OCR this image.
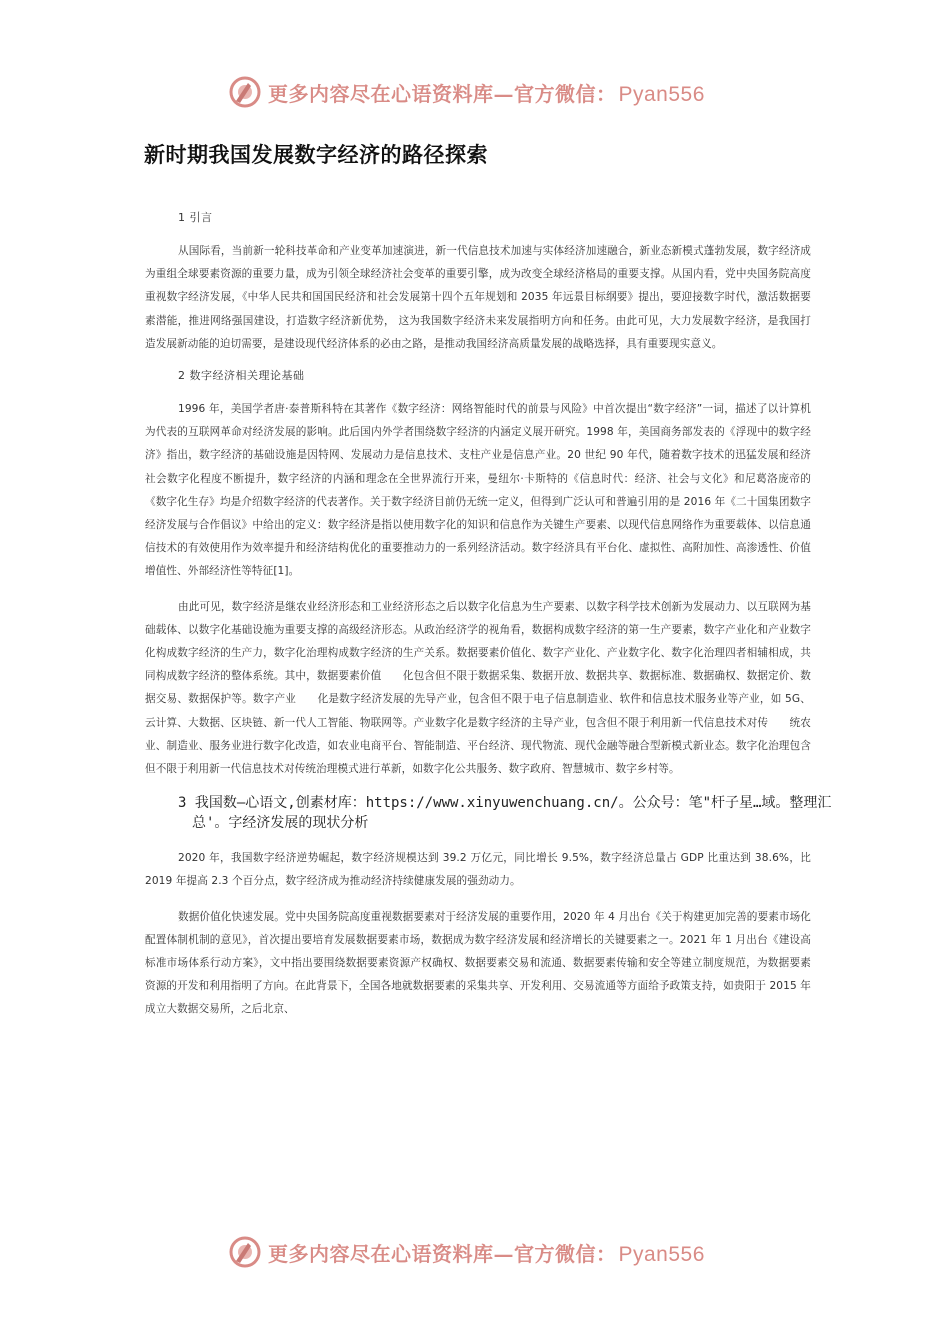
更多内容尽在心语资料库—官方微信：Pyan556
新时期我国发展数字经济的路径探索

1 引言

从国际看，当前新一轮科技革命和产业变革加速演进，新一代信息技术加速与实体经济加速融合，新业态新模式蓬勃发展，数字经济成为重组全球要素资源的重要力量，成为引领全球经济社会变革的重要引擎，成为改变全球经济格局的重要支撑。从国内看，党中央国务院高度重视数字经济发展，《中华人民共和国国民经济和社会发展第十四个五年规划和 2035 年远景目标纲要》提出，要迎接数字时代，激活数据要素潜能，推进网络强国建设，打造数字经济新优势， 这为我国数字经济未来发展指明方向和任务。由此可见，大力发展数字经济，是我国打造发展新动能的迫切需要，是建设现代经济体系的必由之路，是推动我国经济高质量发展的战略选择，具有重要现实意义。

2 数字经济相关理论基础

1996 年，美国学者唐·泰普斯科特在其著作《数字经济：网络智能时代的前景与风险》中首次提出“数字经济”一词，描述了以计算机为代表的互联网革命对经济发展的影响。此后国内外学者围绕数字经济的内涵定义展开研究。1998 年，美国商务部发表的《浮现中的数字经济》指出，数字经济的基础设施是因特网、发展动力是信息技术、支柱产业是信息产业。20 世纪 90 年代，随着数字技术的迅猛发展和经济社会数字化程度不断提升，数字经济的内涵和理念在全世界流行开来，曼纽尔·卡斯特的《信息时代：经济、社会与文化》和尼葛洛庞帝的《数字化生存》均是介绍数字经济的代表著作。关于数字经济目前仍无统一定义，但得到广泛认可和普遍引用的是 2016 年《二十国集团数字经济发展与合作倡议》中给出的定义：数字经济是指以使用数字化的知识和信息作为关键生产要素、以现代信息网络作为重要载体、以信息通信技术的有效使用作为效率提升和经济结构优化的重要推动力的一系列经济活动。数字经济具有平台化、虚拟性、高附加性、高渗透性、价值增值性、外部经济性等特征[1]。

由此可见，数字经济是继农业经济形态和工业经济形态之后以数字化信息为生产要素、以数字科学技术创新为发展动力、以互联网为基础载体、以数字化基础设施为重要支撑的高级经济形态。从政治经济学的视角看，数据构成数字经济的第一生产要素，数字产业化和产业数字化构成数字经济的生产力，数字化治理构成数字经济的生产关系。数据要素价值化、数字产业化、产业数字化、数字化治理四者相辅相成，共同构成数字经济的整体系统。其中，数据要素价值　　化包含但不限于数据采集、数据开放、数据共享、数据标准、数据确权、数据定价、数据交易、数据保护等。数字产业　　化是数字经济发展的先导产业，包含但不限于电子信息制造业、软件和信息技术服务业等产业，如 5G、云计算、大数据、区块链、新一代人工智能、物联网等。产业数字化是数字经济的主导产业，包含但不限于利用新一代信息技术对传　　统农业、制造业、服务业进行数字化改造，如农业电商平台、智能制造、平台经济、现代物流、现代金融等融合型新模式新业态。数字化治理包含但不限于利用新一代信息技术对传统治理模式进行革新，如数字化公共服务、数字政府、智慧城市、数字乡村等。

3 我国数—心语文,创素材库：https://www.xinyuwenchuang.cn/。公众号：笔"杆子星…域。整理汇总'。字经济发展的现状分析

2020 年，我国数字经济逆势崛起，数字经济规模达到 39.2 万亿元，同比增长 9.5%，数字经济总量占 GDP 比重达到 38.6%，比 2019 年提高 2.3 个百分点，数字经济成为推动经济持续健康发展的强劲动力。

数据价值化快速发展。党中央国务院高度重视数据要素对于经济发展的重要作用，2020 年 4 月出台《关于构建更加完善的要素市场化配置体制机制的意见》，首次提出要培育发展数据要素市场，数据成为数字经济发展和经济增长的关键要素之一。2021 年 1 月出台《建设高标准市场体系行动方案》，文中指出要围绕数据要素资源产权确权、数据要素交易和流通、数据要素传输和安全等建立制度规范，为数据要素资源的开发和利用指明了方向。在此背景下，全国各地就数据要素的采集共享、开发利用、交易流通等方面给予政策支持，如贵阳于 2015 年成立大数据交易所，之后北京、

更多内容尽在心语资料库—官方微信：Pyan556
